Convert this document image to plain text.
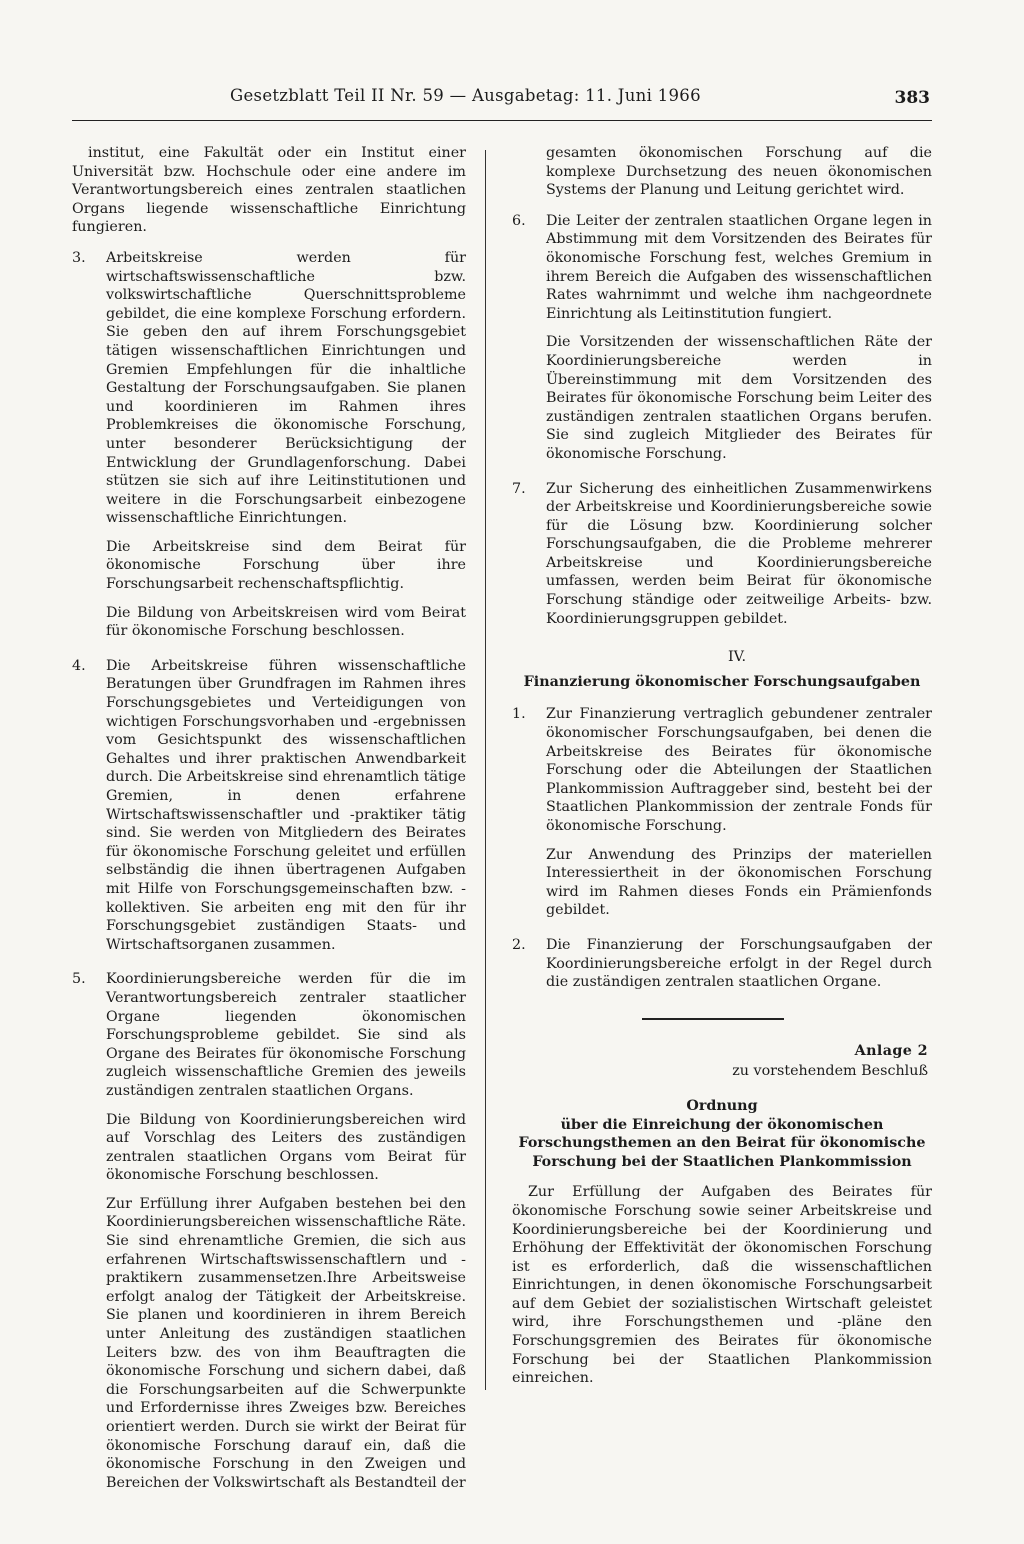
Gesetzblatt Teil II Nr. 59 — Ausgabetag: 11. Juni 1966	383

institut, eine Fakultät oder ein Institut einer Universität bzw. Hochschule oder eine andere im Verantwortungsbereich eines zentralen staatlichen Organs liegende wissenschaftliche Einrichtung fungieren.

3.	Arbeitskreise werden für wirtschaftswissenschaftliche bzw. volkswirtschaftliche Querschnittsprobleme gebildet, die eine komplexe Forschung erfordern. Sie geben den auf ihrem Forschungsgebiet tätigen wissenschaftlichen Einrichtungen und Gremien Empfehlungen für die inhaltliche Gestaltung der Forschungsaufgaben. Sie planen und koordinieren im Rahmen ihres Problemkreises die ökonomische Forschung, unter besonderer Berücksichtigung der Entwicklung der Grundlagenforschung. Dabei stützen sie sich auf ihre Leitinstitutionen und weitere in die Forschungsarbeit einbezogene wissenschaftliche Einrichtungen.

Die Arbeitskreise sind dem Beirat für ökonomische Forschung über ihre Forschungsarbeit rechenschaftspflichtig.

Die Bildung von Arbeitskreisen wird vom Beirat für ökonomische Forschung beschlossen.

4.	Die Arbeitskreise führen wissenschaftliche Beratungen über Grundfragen im Rahmen ihres Forschungsgebietes und Verteidigungen von wichtigen Forschungsvorhaben und -ergebnissen vom Gesichtspunkt des wissenschaftlichen Gehaltes und ihrer praktischen Anwendbarkeit durch. Die Arbeitskreise sind ehrenamtlich tätige Gremien, in denen erfahrene Wirtschaftswissenschaftler und -praktiker tätig sind. Sie werden von Mitgliedern des Beirates für ökonomische Forschung geleitet und erfüllen selbständig die ihnen übertragenen Aufgaben mit Hilfe von Forschungsgemeinschaften bzw. -kollektiven. Sie arbeiten eng mit den für ihr Forschungsgebiet zuständigen Staats- und Wirtschaftsorganen zusammen.

5.	Koordinierungsbereiche werden für die im Verantwortungsbereich zentraler staatlicher Organe liegenden ökonomischen Forschungsprobleme gebildet. Sie sind als Organe des Beirates für ökonomische Forschung zugleich wissenschaftliche Gremien des jeweils zuständigen zentralen staatlichen Organs.

Die Bildung von Koordinierungsbereichen wird auf Vorschlag des Leiters des zuständigen zentralen staatlichen Organs vom Beirat für ökonomische Forschung beschlossen.

Zur Erfüllung ihrer Aufgaben bestehen bei den Koordinierungsbereichen wissenschaftliche Räte. Sie sind ehrenamtliche Gremien, die sich aus erfahrenen Wirtschaftswissenschaftlern und -praktikern zusammensetzen.Ihre Arbeitsweise erfolgt analog der Tätigkeit der Arbeitskreise. Sie planen und koordinieren in ihrem Bereich unter Anleitung des zuständigen staatlichen Leiters bzw. des von ihm Beauftragten die ökonomische Forschung und sichern dabei, daß die Forschungsarbeiten auf die Schwerpunkte und Erfordernisse ihres Zweiges bzw. Bereiches orientiert werden. Durch sie wirkt der Beirat für ökonomische Forschung darauf ein, daß die ökonomische Forschung in den Zweigen und Bereichen der Volkswirtschaft als Bestandteil der

gesamten ökonomischen Forschung auf die komplexe Durchsetzung des neuen ökonomischen Systems der Planung und Leitung gerichtet wird.

6.	Die Leiter der zentralen staatlichen Organe legen in Abstimmung mit dem Vorsitzenden des Beirates für ökonomische Forschung fest, welches Gremium in ihrem Bereich die Aufgaben des wissenschaftlichen Rates wahrnimmt und welche ihm nachgeordnete Einrichtung als Leitinstitution fungiert.

Die Vorsitzenden der wissenschaftlichen Räte der Koordinierungsbereiche werden in Übereinstimmung mit dem Vorsitzenden des Beirates für ökonomische Forschung beim Leiter des zuständigen zentralen staatlichen Organs berufen. Sie sind zugleich Mitglieder des Beirates für ökonomische Forschung.

7.	Zur Sicherung des einheitlichen Zusammenwirkens der Arbeitskreise und Koordinierungsbereiche sowie für die Lösung bzw. Koordinierung solcher Forschungsaufgaben, die die Probleme mehrerer Arbeitskreise und Koordinierungsbereiche umfassen, werden beim Beirat für ökonomische Forschung ständige oder zeitweilige Arbeits- bzw. Koordinierungsgruppen gebildet.

IV.
Finanzierung ökonomischer Forschungsaufgaben
1.	Zur Finanzierung vertraglich gebundener zentraler ökonomischer Forschungsaufgaben, bei denen die Arbeitskreise des Beirates für ökonomische Forschung oder die Abteilungen der Staatlichen Plankommission Auftraggeber sind, besteht bei der Staatlichen Plankommission der zentrale Fonds für ökonomische Forschung.

Zur Anwendung des Prinzips der materiellen Interessiertheit in der ökonomischen Forschung wird im Rahmen dieses Fonds ein Prämienfonds gebildet.

2.	Die Finanzierung der Forschungsaufgaben der Koordinierungsbereiche erfolgt in der Regel durch die zuständigen zentralen staatlichen Organe.

Anlage 2
zu vorstehendem Beschluß
Ordnung
über die Einreichung der ökonomischen Forschungsthemen an den Beirat für ökonomische Forschung bei der Staatlichen Plankommission

Zur Erfüllung der Aufgaben des Beirates für ökonomische Forschung sowie seiner Arbeitskreise und Koordinierungsbereiche bei der Koordinierung und Erhöhung der Effektivität der ökonomischen Forschung ist es erforderlich, daß die wissenschaftlichen Einrichtungen, in denen ökonomische Forschungsarbeit auf dem Gebiet der sozialistischen Wirtschaft geleistet wird, ihre Forschungsthemen und -pläne den Forschungsgremien des Beirates für ökonomische Forschung bei der Staatlichen Plankommission einreichen.
